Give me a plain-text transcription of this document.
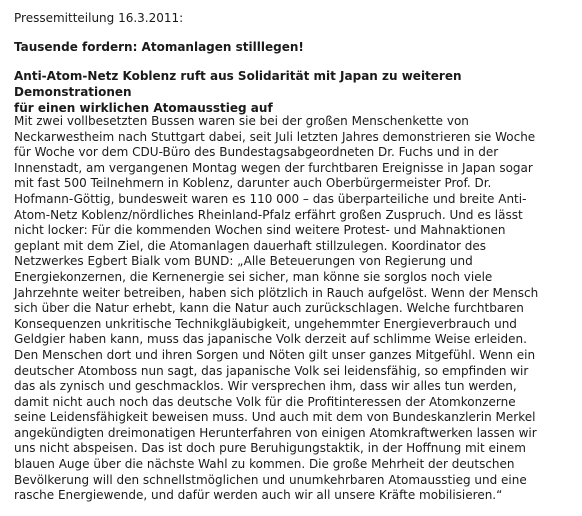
Pressemitteilung 16.3.2011:
Tausende fordern: Atomanlagen stilllegen!
Anti-Atom-Netz Koblenz ruft aus Solidarität mit Japan zu weiteren Demonstrationen
für einen wirklichen Atomausstieg auf
Mit zwei vollbesetzten Bussen waren sie bei der großen Menschenkette von
Neckarwestheim nach Stuttgart dabei, seit Juli letzten Jahres demonstrieren sie Woche
für Woche vor dem CDU-Büro des Bundestagsabgeordneten Dr. Fuchs und in der
Innenstadt, am vergangenen Montag wegen der furchtbaren Ereignisse in Japan sogar
mit fast 500 Teilnehmern in Koblenz, darunter auch Oberbürgermeister Prof. Dr.
Hofmann-Göttig, bundesweit waren es 110 000 – das überparteiliche und breite Anti-
Atom-Netz Koblenz/nördliches Rheinland-Pfalz erfährt großen Zuspruch. Und es lässt
nicht locker: Für die kommenden Wochen sind weitere Protest- und Mahnaktionen
geplant mit dem Ziel, die Atomanlagen dauerhaft stillzulegen. Koordinator des
Netzwerkes Egbert Bialk vom BUND: „Alle Beteuerungen von Regierung und
Energiekonzernen, die Kernenergie sei sicher, man könne sie sorglos noch viele
Jahrzehnte weiter betreiben, haben sich plötzlich in Rauch aufgelöst. Wenn der Mensch
sich über die Natur erhebt, kann die Natur auch zurückschlagen. Welche furchtbaren
Konsequenzen unkritische Technikgläubigkeit, ungehemmter Energieverbrauch und
Geldgier haben kann, muss das japanische Volk derzeit auf schlimme Weise erleiden.
Den Menschen dort und ihren Sorgen und Nöten gilt unser ganzes Mitgefühl. Wenn ein
deutscher Atomboss nun sagt, das japanische Volk sei leidensfähig, so empfinden wir
das als zynisch und geschmacklos. Wir versprechen ihm, dass wir alles tun werden,
damit nicht auch noch das deutsche Volk für die Profitinteressen der Atomkonzerne
seine Leidensfähigkeit beweisen muss. Und auch mit dem von Bundeskanzlerin Merkel
angekündigten dreimonatigen Herunterfahren von einigen Atomkraftwerken lassen wir
uns nicht abspeisen. Das ist doch pure Beruhigungstaktik, in der Hoffnung mit einem
blauen Auge über die nächste Wahl zu kommen. Die große Mehrheit der deutschen
Bevölkerung will den schnellstmöglichen und unumkehrbaren Atomausstieg und eine
rasche Energiewende, und dafür werden auch wir all unsere Kräfte mobilisieren.“
